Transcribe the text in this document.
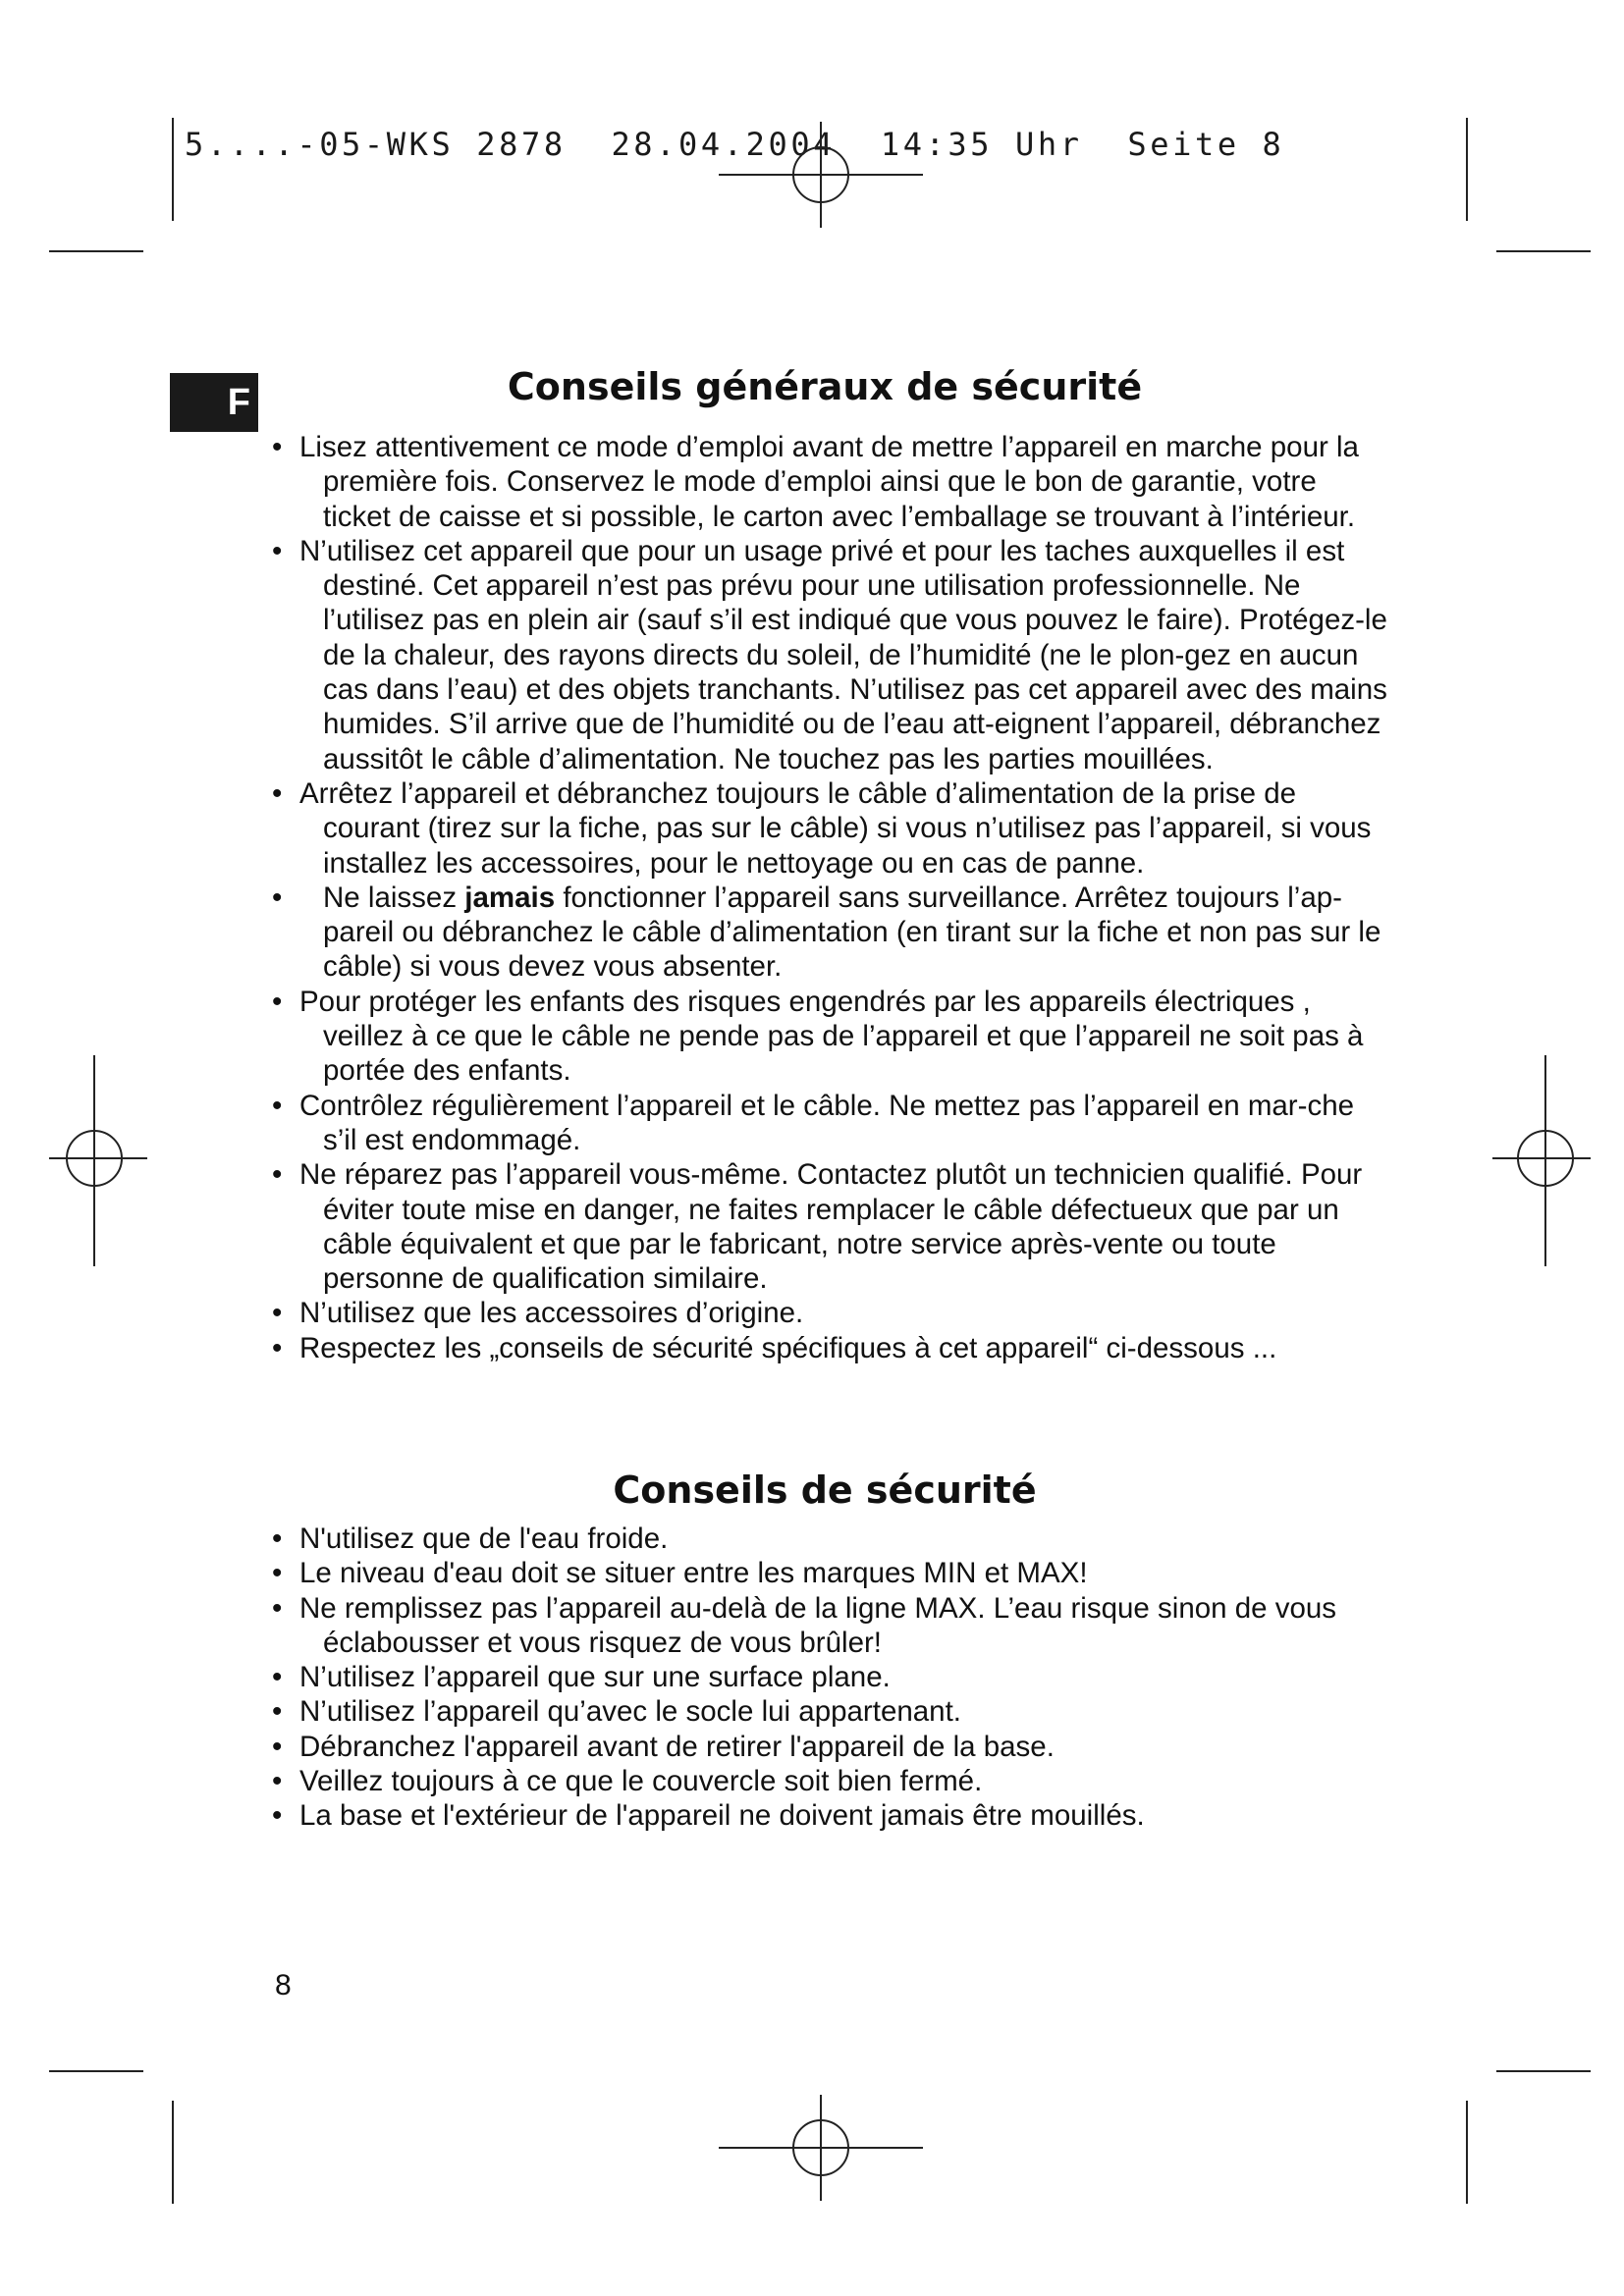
5....-05-WKS 2878  28.04.2004  14:35 Uhr  Seite 8
F	Conseils généraux de sécurité
• Lisez attentivement ce mode d’emploi avant de mettre l’appareil en marche pour la première fois. Conservez le mode d’emploi ainsi que le bon de garantie, votre ticket de caisse et si possible, le carton avec l’emballage se trouvant à l’intérieur.
• N’utilisez cet appareil que pour un usage privé et pour les taches auxquelles il est destiné. Cet appareil n’est pas prévu pour une utilisation professionnelle. Ne l’utilisez pas en plein air (sauf s’il est indiqué que vous pouvez le faire). Protégez-le de la chaleur, des rayons directs du soleil, de l’humidité (ne le plon-gez en aucun cas dans l’eau) et des objets tranchants. N’utilisez pas cet appareil avec des mains humides. S’il arrive que de l’humidité ou de l’eau att-eignent l’appareil, débranchez aussitôt le câble d’alimentation. Ne touchez pas les parties mouillées.
• Arrêtez l’appareil et débranchez toujours le câble d’alimentation de la prise de courant (tirez sur la fiche, pas sur le câble) si vous n’utilisez pas l’appareil, si vous installez les accessoires, pour le nettoyage ou en cas de panne.
•	Ne laissez jamais fonctionner l’appareil sans surveillance. Arrêtez toujours l’ap-pareil ou débranchez le câble d’alimentation (en tirant sur la fiche et non pas sur le câble) si vous devez vous absenter.
• Pour protéger les enfants des risques engendrés par les appareils électriques , veillez à ce que le câble ne pende pas de l’appareil et que l’appareil ne soit pas à portée des enfants.
• Contrôlez régulièrement l’appareil et le câble. Ne mettez pas l’appareil en mar-che s’il est endommagé.
• Ne réparez pas l’appareil vous-même. Contactez plutôt un technicien qualifié. Pour éviter toute mise en danger, ne faites remplacer le câble défectueux que par un câble équivalent et que par le fabricant, notre service après-vente ou toute personne de qualification similaire.
• N’utilisez que les accessoires d’origine.
• Respectez les „conseils de sécurité spécifiques à cet appareil“ ci-dessous ...
Conseils de sécurité
• N'utilisez que de l'eau froide.
• Le niveau d'eau doit se situer entre les marques MIN et MAX!
• Ne remplissez pas l’appareil au-delà de la ligne MAX. L’eau risque sinon de vous éclabousser et vous risquez de vous brûler!
• N’utilisez l’appareil que sur une surface plane.
• N’utilisez l’appareil qu’avec le socle lui appartenant.
• Débranchez l'appareil avant de retirer l'appareil de la base.
• Veillez toujours à ce que le couvercle soit bien fermé.
• La base et l'extérieur de l'appareil ne doivent jamais être mouillés.
8
